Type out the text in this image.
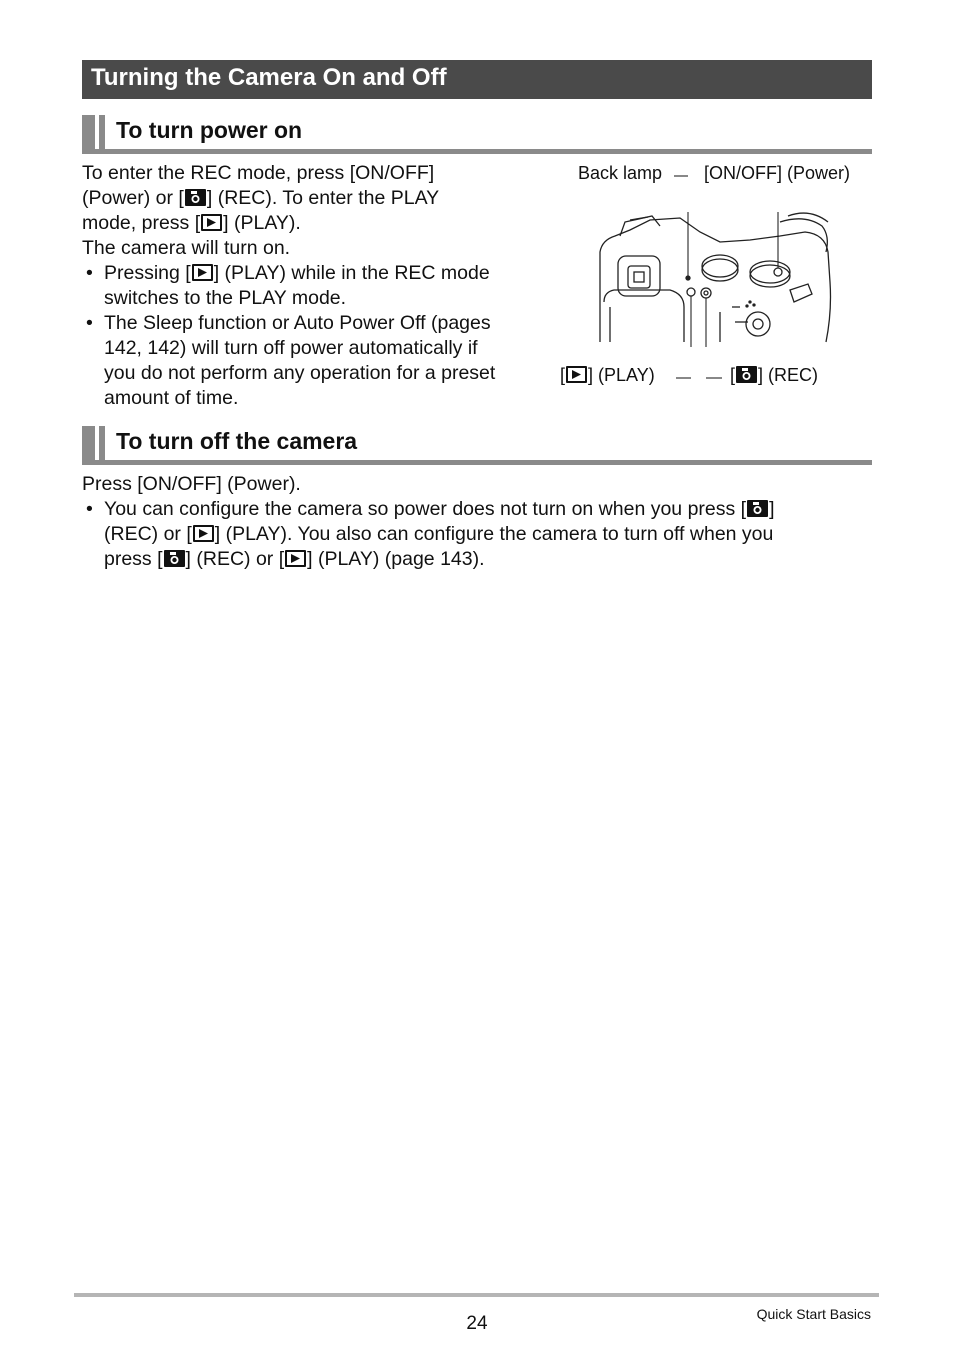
Turning the Camera On and Off
To turn power on
To enter the REC mode, press [ON/OFF]
(Power) or [ ] (REC). To enter the PLAY
mode, press [ ] (PLAY).
The camera will turn on.
• Pressing [ ] (PLAY) while in the REC mode
switches to the PLAY mode.
• The Sleep function or Auto Power Off (pages
142, 142) will turn off power automatically if
you do not perform any operation for a preset
amount of time.
Back lamp [ON/OFF] (Power)
[ ] (PLAY)	[ ] (REC)
To turn off the camera
Press [ON/OFF] (Power).
• You can configure the camera so power does not turn on when you press [ ]
(REC) or [ ] (PLAY). You also can configure the camera to turn off when you
press [ ] (REC) or [ ] (PLAY) (page 143).
24	Quick Start Basics
